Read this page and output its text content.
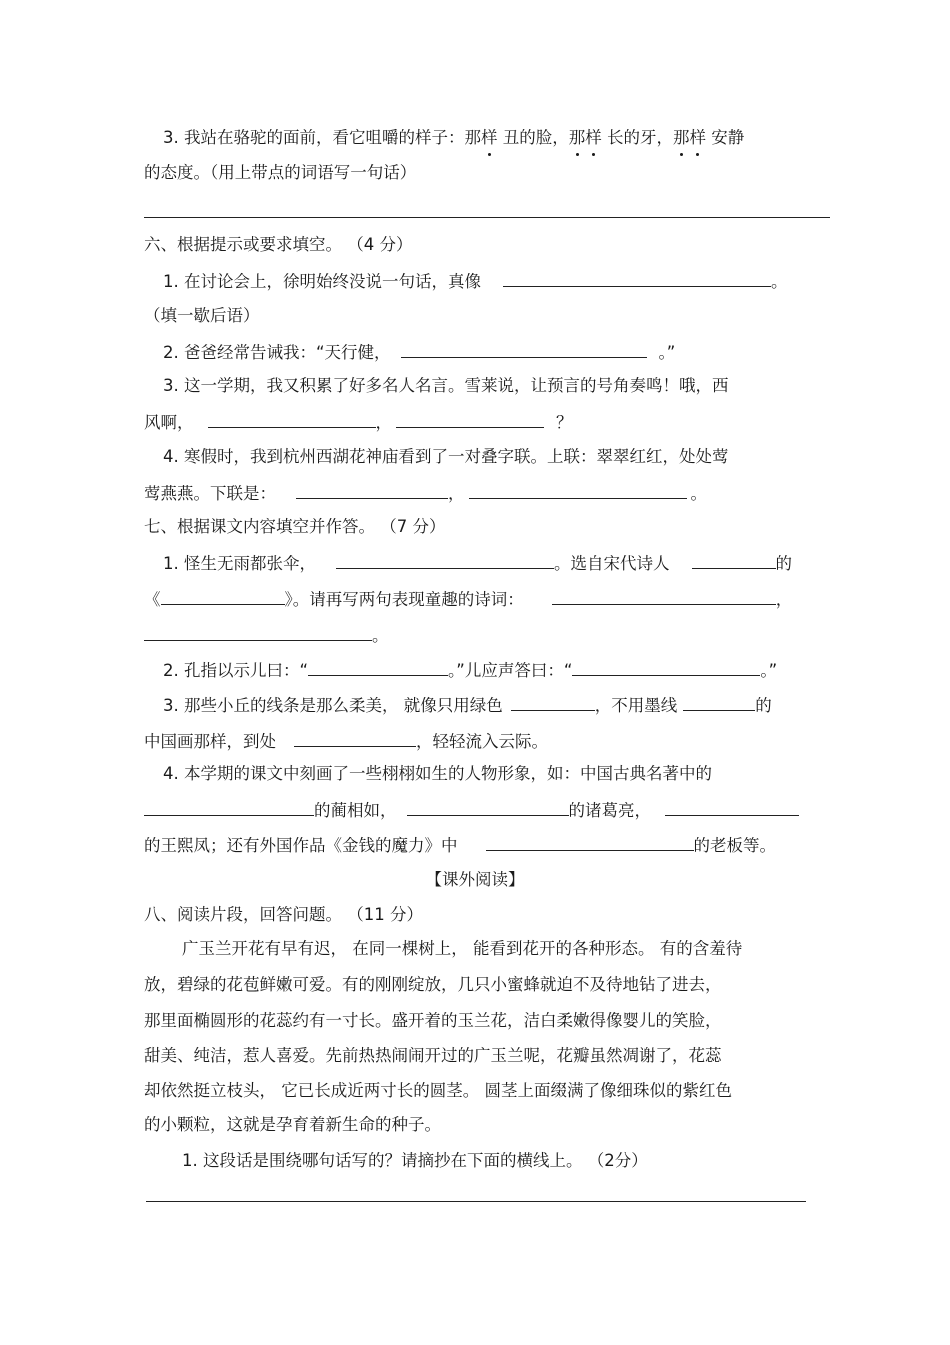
3. 我站在骆驼的面前，看它咀嚼的样子：那样 丑的脸，那样 长的牙，那样 安静
的态度。（用上带点的词语写一句话）
六、根据提示或要求填空。 （4 分）
1. 在讨论会上，徐明始终没说一句话，真像	。
（填一歇后语）
2. 爸爸经常告诫我：“天行健，	。”
3. 这一学期，我又积累了好多名人名言。雪莱说，让预言的号角奏鸣！哦，西
风啊，	，	？
4. 寒假时，我到杭州西湖花神庙看到了一对叠字联。上联：翠翠红红，处处莺
莺燕燕。下联是：	，	。
七、根据课文内容填空并作答。 （7 分）
1. 怪生无雨都张伞，	。选自宋代诗人	的
《	》。请再写两句表现童趣的诗词：	，
。
2. 孔指以示儿曰：“	。”儿应声答曰：“	。”
3. 那些小丘的线条是那么柔美， 就像只用绿色	，不用墨线	的
中国画那样，到处	，轻轻流入云际。
4. 本学期的课文中刻画了一些栩栩如生的人物形象，如：中国古典名著中的
的蔺相如，	的诸葛亮，
的王熙凤；还有外国作品《金钱的魔力》中	的老板等。
【课外阅读】
八、阅读片段，回答问题。 （11 分）
广玉兰开花有早有迟， 在同一棵树上， 能看到花开的各种形态。 有的含羞待
放，碧绿的花苞鲜嫩可爱。有的刚刚绽放，几只小蜜蜂就迫不及待地钻了进去，
那里面椭圆形的花蕊约有一寸长。盛开着的玉兰花，洁白柔嫩得像婴儿的笑脸，
甜美、纯洁，惹人喜爱。先前热热闹闹开过的广玉兰呢，花瓣虽然凋谢了，花蕊
却依然挺立枝头， 它已长成近两寸长的圆茎。 圆茎上面缀满了像细珠似的紫红色
的小颗粒，这就是孕育着新生命的种子。
1. 这段话是围绕哪句话写的？请摘抄在下面的横线上。 （2分）
